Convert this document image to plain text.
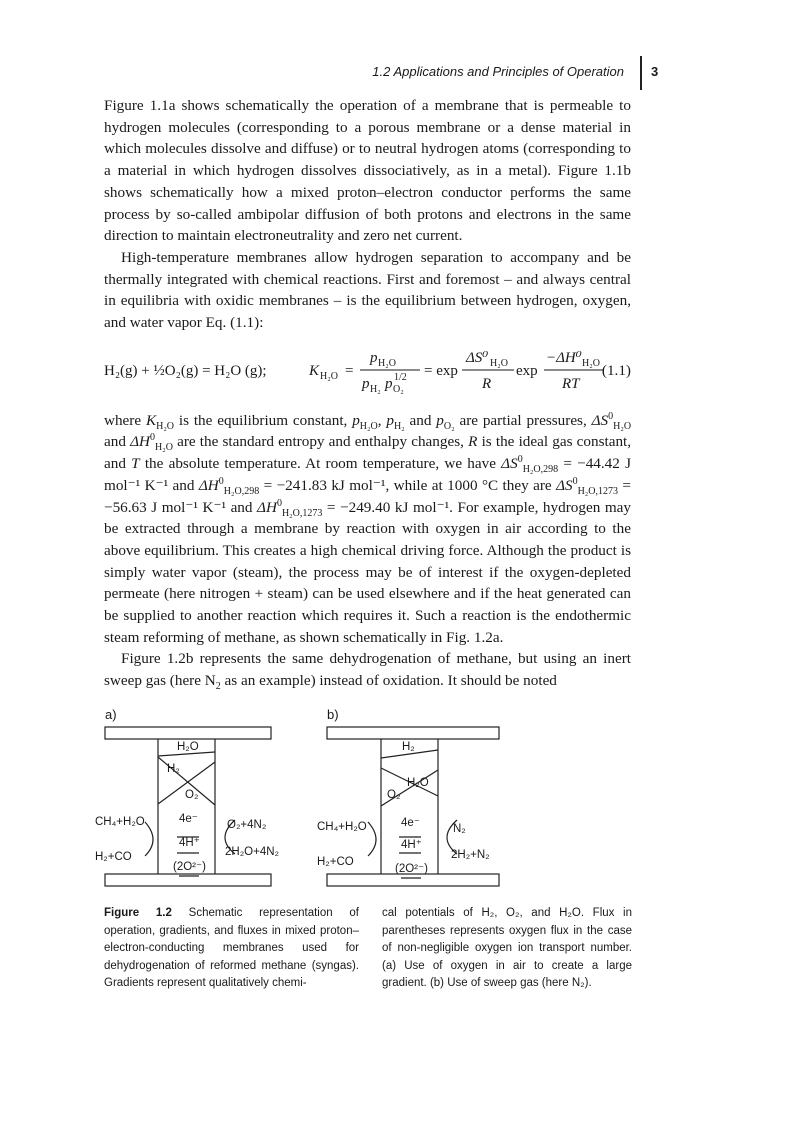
1.2 Applications and Principles of Operation 3

Figure 1.1a shows schematically the operation of a membrane that is permeable to hydrogen molecules (corresponding to a porous membrane or a dense material in which molecules dissolve and diffuse) or to neutral hydrogen atoms (corresponding to a material in which hydrogen dissolves dissociatively, as in a metal). Figure 1.1b shows schematically how a mixed proton–electron conductor performs the same process by so-called ambipolar diffusion of both protons and electrons in the same direction to maintain electroneutrality and zero net current.

High-temperature membranes allow hydrogen separation to accompany and be thermally integrated with chemical reactions. First and foremost – and always central in equilibria with oxidic membranes – is the equilibrium between hydrogen, oxygen, and water vapor Eq. (1.1):

H₂(g) + ½O₂(g) = H₂O (g);	K H₂O =
p H₂O
p H₂ p O₂
1/2 = exp
ΔS⁰ H₂O
R
exp
−ΔH⁰ H₂O
RT
(1.1)

where $K_{H_2O}$ is the equilibrium constant, $p_{H_2O}$, $p_{H_2}$ and $p_{O_2}$ are partial pressures, $\Delta S^0_{H_2O}$ and $\Delta H^0_{H_2O}$ are the standard entropy and enthalpy changes, R is the ideal gas constant, and T the absolute temperature. At room temperature, we have $\Delta S^0_{H_2O,298} = -44.42$ J mol⁻¹ K⁻¹ and $\Delta H^0_{H_2O,298} = -241.83$ kJ mol⁻¹, while at 1000 °C they are $\Delta S^0_{H_2O,1273} = -56.63$ J mol⁻¹ K⁻¹ and $\Delta H^0_{H_2O,1273} = -249.40$ kJ mol⁻¹. For example, hydrogen may be extracted through a membrane by reaction with oxygen in air according to the above equilibrium. This creates a high chemical driving force. Although the product is simply water vapor (steam), the process may be of interest if the oxygen-depleted permeate (here nitrogen + steam) can be used elsewhere and if the heat generated can be supplied to another reaction which requires it. Such a reaction is the endothermic steam reforming of methane, as shown schematically in Fig. 1.2a.

Figure 1.2b represents the same dehydrogenation of methane, but using an inert sweep gas (here $N_2$ as an example) instead of oxidation. It should be noted

a)
H₂O
H₂
O₂
CH₄+H₂O	4e⁻
4H⁺
O₂+4N₂
H₂+CO	2H₂O+4N₂
(2O²⁻)
b)
H₂
H₂O
O₂
CH₄+H₂O	4e⁻
4H⁺
N₂
H₂+CO
2H₂+N₂
(2O²⁻)
Figure 1.2 Schematic representation of operation, gradients, and fluxes in mixed proton–electron-conducting membranes used for dehydrogenation of reformed methane (syngas). Gradients represent qualitatively chemi-
cal potentials of H₂, O₂, and H₂O. Flux in parentheses represents oxygen flux in the case of non-negligible oxygen ion transport number. (a) Use of oxygen in air to create a large gradient. (b) Use of sweep gas (here N₂).
